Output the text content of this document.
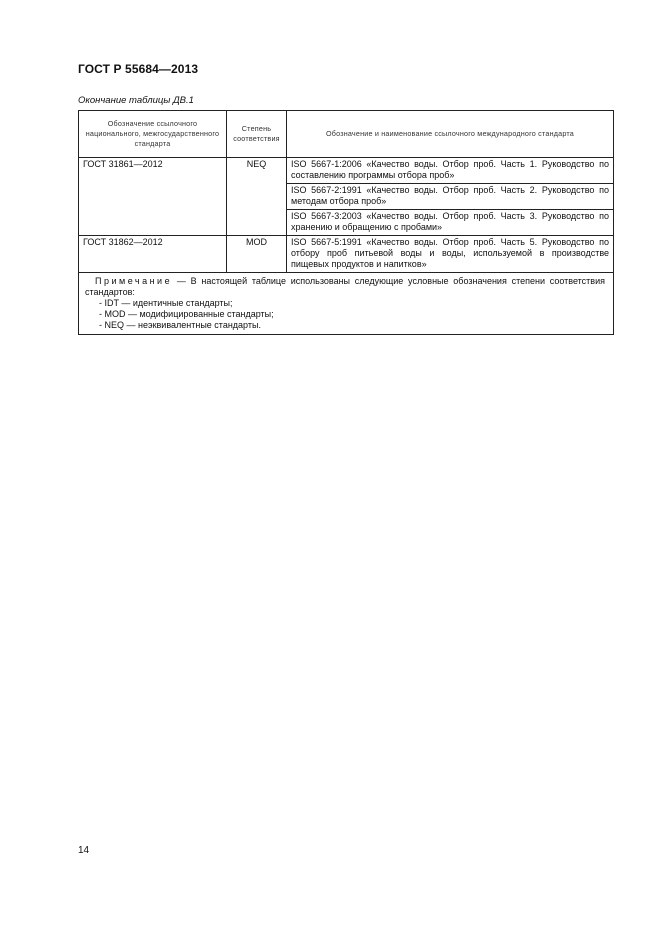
ГОСТ Р 55684—2013
Окончание таблицы ДВ.1
Обозначение ссылочного национального, межгосударственного стандарта	Степень соответствия	Обозначение и наименование ссылочного международного стандарта
ГОСТ 31861—2012	NEQ	ISO 5667-1:2006 «Качество воды. Отбор проб. Часть 1. Руководство по составлению программы отбора проб»
		ISO 5667-2:1991 «Качество воды. Отбор проб. Часть 2. Руководство по методам отбора проб»
		ISO 5667-3:2003 «Качество воды. Отбор проб. Часть 3. Руководство по хранению и обращению с пробами»
ГОСТ 31862—2012	MOD	ISO 5667-5:1991 «Качество воды. Отбор проб. Часть 5. Руководство по отбору проб питьевой воды и воды, используемой в производстве пищевых продуктов и напитков»

Примечание — В настоящей таблице использованы следующие условные обозначения степени соответствия стандартов:
- IDT — идентичные стандарты;
- MOD — модифицированные стандарты;
- NEQ — неэквивалентные стандарты.		
14
